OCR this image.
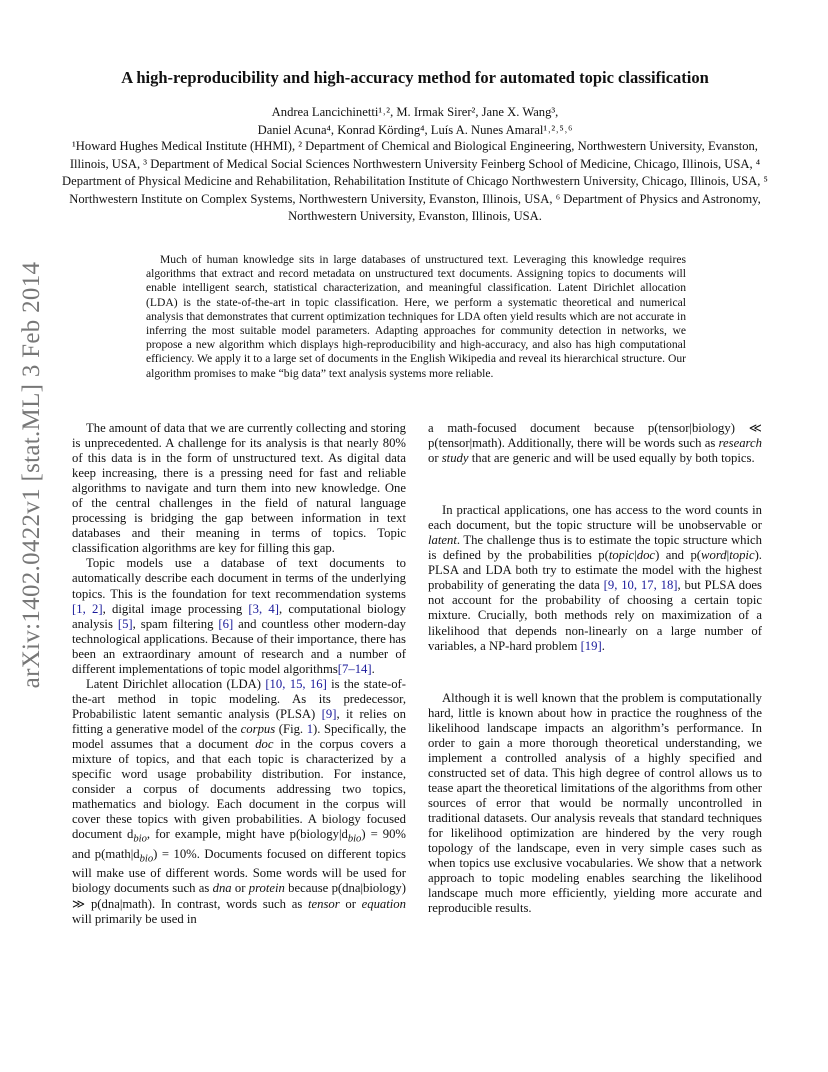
arXiv:1402.0422v1 [stat.ML] 3 Feb 2014
A high-reproducibility and high-accuracy method for automated topic classification
Andrea Lancichinetti¹˒², M. Irmak Sirer², Jane X. Wang³,
Daniel Acuna⁴, Konrad Körding⁴, Luís A. Nunes Amaral¹˒²˒⁵˒⁶
¹Howard Hughes Medical Institute (HHMI), ² Department of Chemical and Biological Engineering, Northwestern University, Evanston, Illinois, USA, ³ Department of Medical Social Sciences Northwestern University Feinberg School of Medicine, Chicago, Illinois, USA, ⁴ Department of Physical Medicine and Rehabilitation, Rehabilitation Institute of Chicago Northwestern University, Chicago, Illinois, USA, ⁵ Northwestern Institute on Complex Systems, Northwestern University, Evanston, Illinois, USA, ⁶ Department of Physics and Astronomy, Northwestern University, Evanston, Illinois, USA.
Much of human knowledge sits in large databases of unstructured text. Leveraging this knowledge requires algorithms that extract and record metadata on unstructured text documents. Assigning topics to documents will enable intelligent search, statistical characterization, and meaningful classification. Latent Dirichlet allocation (LDA) is the state-of-the-art in topic classification. Here, we perform a systematic theoretical and numerical analysis that demonstrates that current optimization techniques for LDA often yield results which are not accurate in inferring the most suitable model parameters. Adapting approaches for community detection in networks, we propose a new algorithm which displays high-reproducibility and high-accuracy, and also has high computational efficiency. We apply it to a large set of documents in the English Wikipedia and reveal its hierarchical structure. Our algorithm promises to make “big data” text analysis systems more reliable.

The amount of data that we are currently collecting and storing is unprecedented. A challenge for its analysis is that nearly 80% of this data is in the form of unstructured text. As digital data keep increasing, there is a pressing need for fast and reliable algorithms to navigate and turn them into new knowledge. One of the central challenges in the field of natural language processing is bridging the gap between information in text databases and their meaning in terms of topics. Topic classification algorithms are key for filling this gap.

Topic models use a database of text documents to automatically describe each document in terms of the underlying topics. This is the foundation for text recommendation systems [1, 2], digital image processing [3, 4], computational biology analysis [5], spam filtering [6] and countless other modern-day technological applications. Because of their importance, there has been an extraordinary amount of research and a number of different implementations of topic model algorithms[7–14].

Latent Dirichlet allocation (LDA) [10, 15, 16] is the state-of-the-art method in topic modeling. As its predecessor, Probabilistic latent semantic analysis (PLSA) [9], it relies on fitting a generative model of the corpus (Fig. 1). Specifically, the model assumes that a document doc in the corpus covers a mixture of topics, and that each topic is characterized by a specific word usage probability distribution. For instance, consider a corpus of documents addressing two topics, mathematics and biology. Each document in the corpus will cover these topics with given probabilities. A biology focused document $d_{bio}$, for example, might have $p(biology|d_{bio}) = 90\%$ and $p(math|d_{bio}) = 10\%$. Documents focused on different topics will make use of different words. Some words will be used for biology documents such as dna or protein because p(dna|biology) ≫ p(dna|math). In contrast, words such as tensor or equation will primarily be used in

a math-focused document because p(tensor|biology) ≪ p(tensor|math). Additionally, there will be words such as research or study that are generic and will be used equally by both topics.

In practical applications, one has access to the word counts in each document, but the topic structure will be unobservable or latent. The challenge thus is to estimate the topic structure which is defined by the probabilities p(topic|doc) and p(word|topic). PLSA and LDA both try to estimate the model with the highest probability of generating the data [9, 10, 17, 18], but PLSA does not account for the probability of choosing a certain topic mixture. Crucially, both methods rely on maximization of a likelihood that depends non-linearly on a large number of variables, a NP-hard problem [19].

Although it is well known that the problem is computationally hard, little is known about how in practice the roughness of the likelihood landscape impacts an algorithm’s performance. In order to gain a more thorough theoretical understanding, we implement a controlled analysis of a highly specified and constructed set of data. This high degree of control allows us to tease apart the theoretical limitations of the algorithms from other sources of error that would be normally uncontrolled in traditional datasets. Our analysis reveals that standard techniques for likelihood optimization are hindered by the very rough topology of the landscape, even in very simple cases such as when topics use exclusive vocabularies. We show that a network approach to topic modeling enables searching the likelihood landscape much more efficiently, yielding more accurate and reproducible results.
